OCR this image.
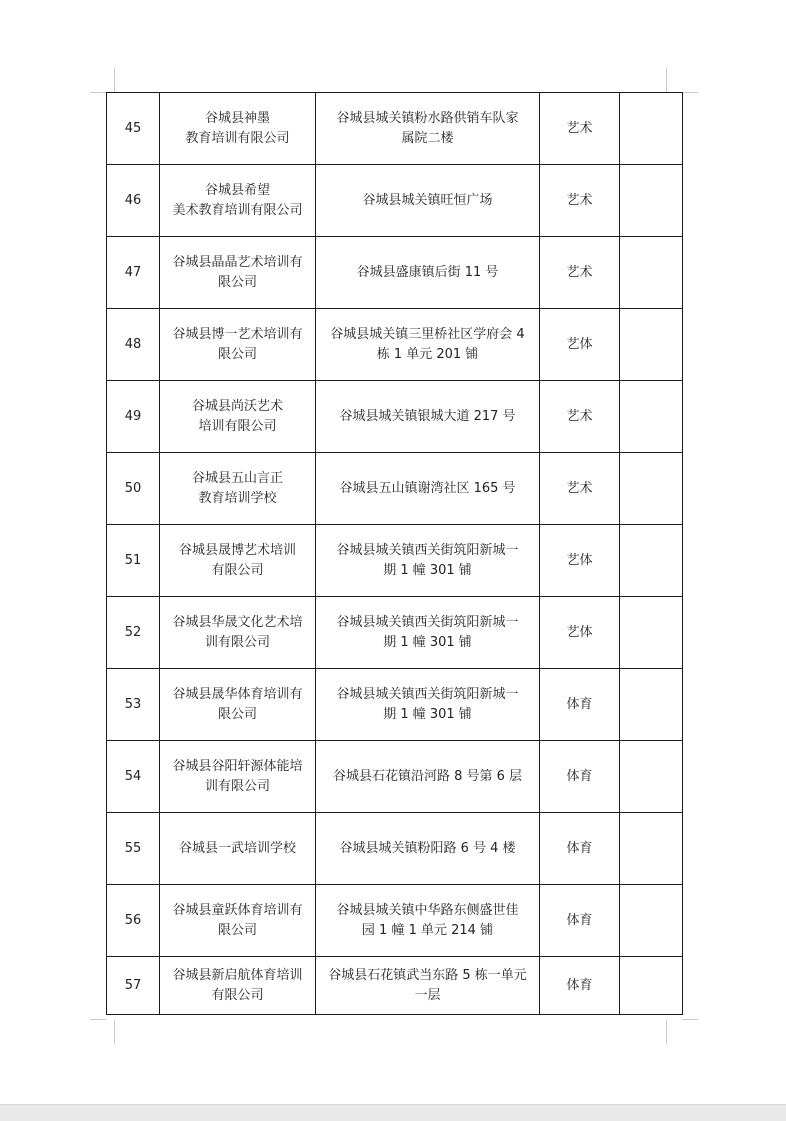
45	谷城县神墨
教育培训有限公司	谷城县城关镇粉水路供销车队家
属院二楼	艺术	
46	谷城县希望
美术教育培训有限公司	谷城县城关镇旺恒广场	艺术	
47	谷城县晶晶艺术培训有
限公司	谷城县盛康镇后街 11 号	艺术	
48	谷城县博一艺术培训有
限公司	谷城县城关镇三里桥社区学府会 4
栋 1 单元 201 铺	艺体	
49	谷城县尚沃艺术
培训有限公司	谷城县城关镇银城大道 217 号	艺术	
50	谷城县五山言正
教育培训学校	谷城县五山镇谢湾社区 165 号	艺术	
51	谷城县晟博艺术培训
有限公司	谷城县城关镇西关街筑阳新城一
期 1 幢 301 铺	艺体	
52	谷城县华晟文化艺术培
训有限公司	谷城县城关镇西关街筑阳新城一
期 1 幢 301 铺	艺体	
53	谷城县晟华体育培训有
限公司	谷城县城关镇西关街筑阳新城一
期 1 幢 301 铺	体育	
54	谷城县谷阳轩源体能培
训有限公司	谷城县石花镇沿河路 8 号第 6 层	体育	
55	谷城县一武培训学校	谷城县城关镇粉阳路 6 号 4 楼	体育	
56	谷城县童跃体育培训有
限公司	谷城县城关镇中华路东侧盛世佳
园 1 幢 1 单元 214 铺	体育	
57	谷城县新启航体育培训
有限公司	谷城县石花镇武当东路 5 栋一单元
一层	体育	
